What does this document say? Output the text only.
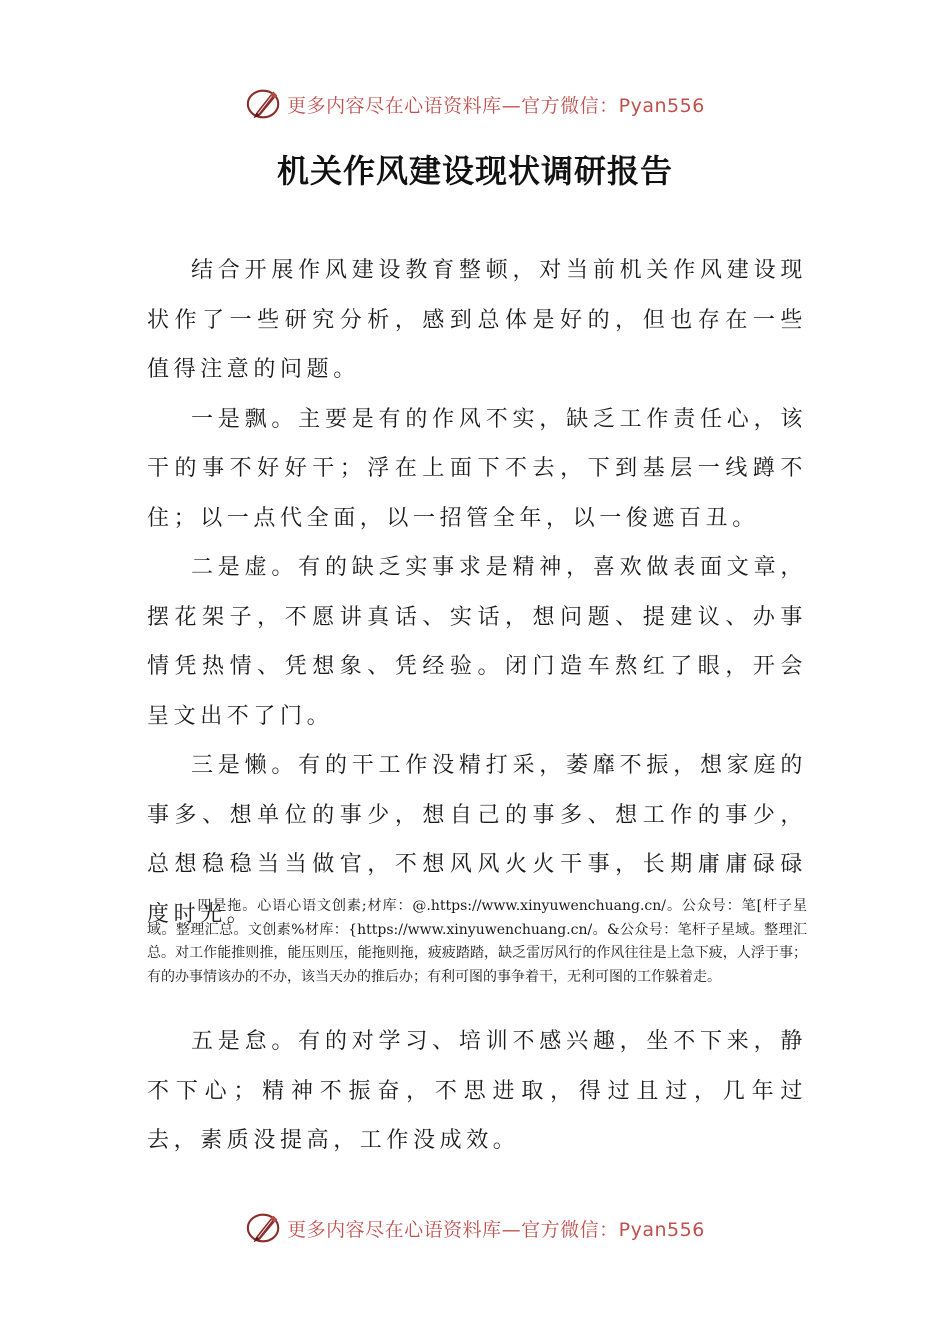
更多内容尽在心语资料库—官方微信：Pyan556
机关作风建设现状调研报告

结合开展作风建设教育整顿，对当前机关作风建设现状作了一些研究分析，感到总体是好的，但也存在一些值得注意的问题。

一是飘。主要是有的作风不实，缺乏工作责任心，该干的事不好好干；浮在上面下不去，下到基层一线蹲不住；以一点代全面，以一招管全年，以一俊遮百丑。

二是虚。有的缺乏实事求是精神，喜欢做表面文章，摆花架子，不愿讲真话、实话，想问题、提建议、办事情凭热情、凭想象、凭经验。闭门造车熬红了眼，开会呈文出不了门。

三是懒。有的干工作没精打采，萎靡不振，想家庭的事多、想单位的事少，想自己的事多、想工作的事少，总想稳稳当当做官，不想风风火火干事，长期庸庸碌碌度时光。

四是拖。心语心语文创素;材库：@.https://www.xinyuwenchuang.cn/。公众号：笔[杆子星域。整理汇总。文创素%材库：{https://www.xinyuwenchuang.cn/。&公众号：笔杆子星域。整理汇总。对工作能推则推，能压则压，能拖则拖，疲疲踏踏，缺乏雷厉风行的作风往往是上急下疲，人浮于事；有的办事情该办的不办，该当天办的推后办；有利可图的事争着干，无利可图的工作躲着走。

五是怠。有的对学习、培训不感兴趣，坐不下来，静不下心；精神不振奋，不思进取，得过且过，几年过去，素质没提高，工作没成效。

更多内容尽在心语资料库—官方微信：Pyan556
